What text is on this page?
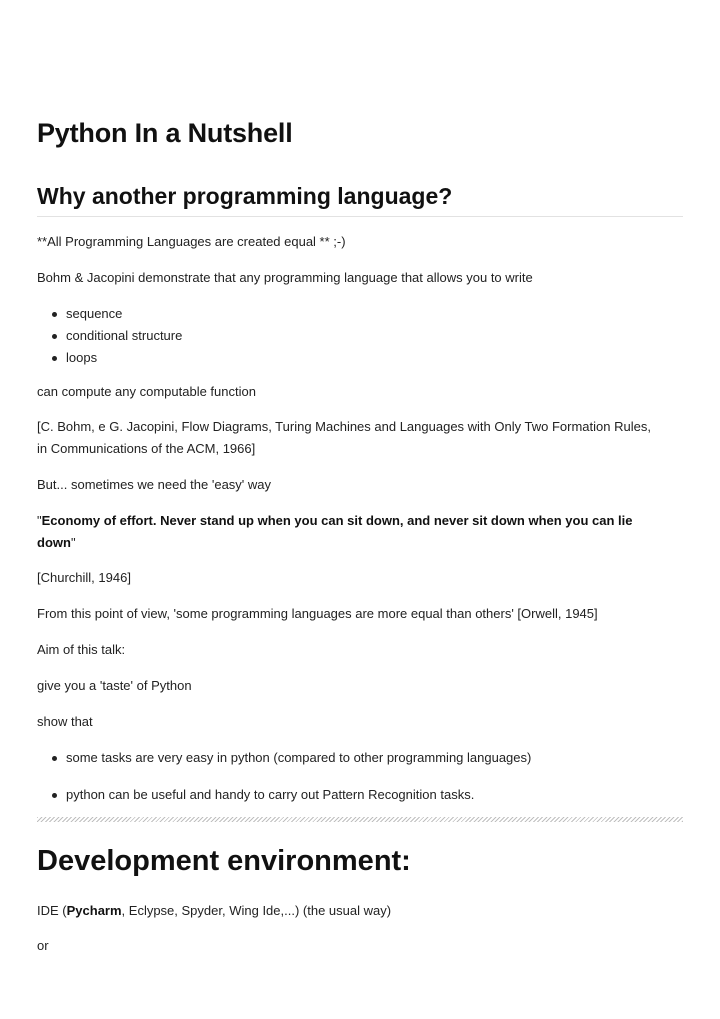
Python In a Nutshell
Why another programming language?

**All Programming Languages are created equal ** ;-)

Bohm & Jacopini demonstrate that any programming language that allows you to write

sequence
conditional structure
loops

can compute any computable function

[C. Bohm, e G. Jacopini, Flow Diagrams, Turing Machines and Languages with Only Two Formation Rules,

in Communications of the ACM, 1966]

But... sometimes we need the 'easy' way

"Economy of effort. Never stand up when you can sit down, and never sit down when you can lie

down"

[Churchill, 1946]

From this point of view, 'some programming languages are more equal than others' [Orwell, 1945]

Aim of this talk:

give you a 'taste' of Python

show that

some tasks are very easy in python (compared to other programming languages)
python can be useful and handy to carry out Pattern Recognition tasks.
Development environment:

IDE (Pycharm, Eclypse, Spyder, Wing Ide,...) (the usual way)

or
